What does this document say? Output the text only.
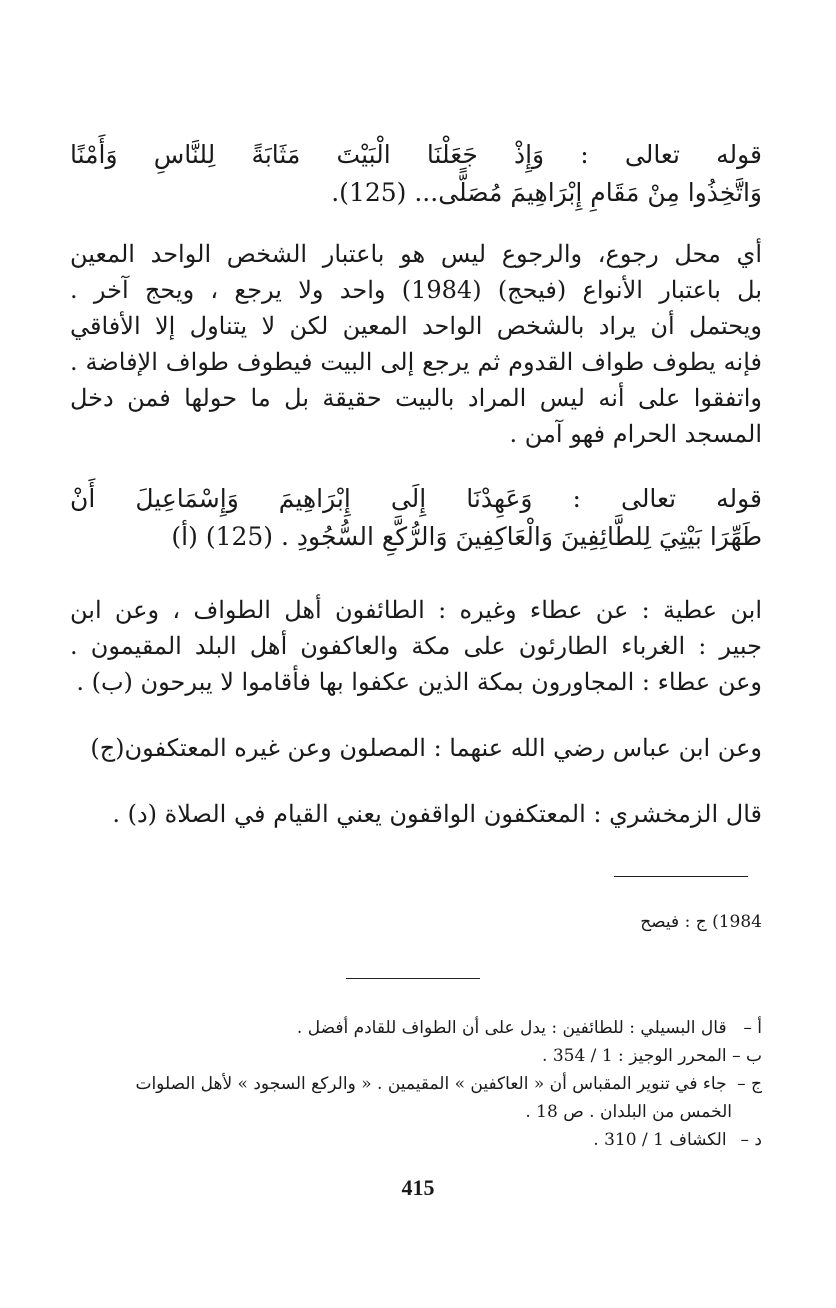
قوله تعالى : وَإِذْ جَعَلْنَا الْبَيْتَ مَثَابَةً لِلنَّاسِ وَأَمْنًا
وَاتَّخِذُوا مِنْ مَقَامِ إِبْرَاهِيمَ مُصَلًّى... (125).
أي محل رجوع، والرجوع ليس هو باعتبار الشخص الواحد المعين
بل باعتبار الأنواع (فيحج) (1984) واحد ولا يرجع ، ويحج آخر .
ويحتمل أن يراد بالشخص الواحد المعين لكن لا يتناول إلا الأفاقي
فإنه يطوف طواف القدوم ثم يرجع إلى البيت فيطوف طواف الإفاضة .
واتفقوا على أنه ليس المراد بالبيت حقيقة بل ما حولها فمن دخل
المسجد الحرام فهو آمن .
قوله تعالى : وَعَهِدْنَا إِلَى إِبْرَاهِيمَ وَإِسْمَاعِيلَ أَنْ
طَهِّرَا بَيْتِيَ لِلطَّائِفِينَ وَالْعَاكِفِينَ وَالرُّكَّعِ السُّجُودِ . (125) (أ)
ابن عطية : عن عطاء وغيره : الطائفون أهل الطواف ، وعن ابن
جبير : الغرباء الطارئون على مكة والعاكفون أهل البلد المقيمون .
وعن عطاء : المجاورون بمكة الذين عكفوا بها فأقاموا لا يبرحون (ب) .
وعن ابن عباس رضي الله عنهما : المصلون وعن غيره المعتكفون(ج)
قال الزمخشري : المعتكفون الواقفون يعني القيام في الصلاة (د) .
1984) ج : فيصح
أ – قال البسيلي : للطائفين : يدل على أن الطواف للقادم أفضل .
ب – المحرر الوجيز : 1 / 354 .
ج – جاء في تنوير المقباس أن « العاكفين » المقيمين . « والركع السجود » لأهل الصلوات
الخمس من البلدان . ص 18 .
د – الكشاف 1 / 310 .
415
